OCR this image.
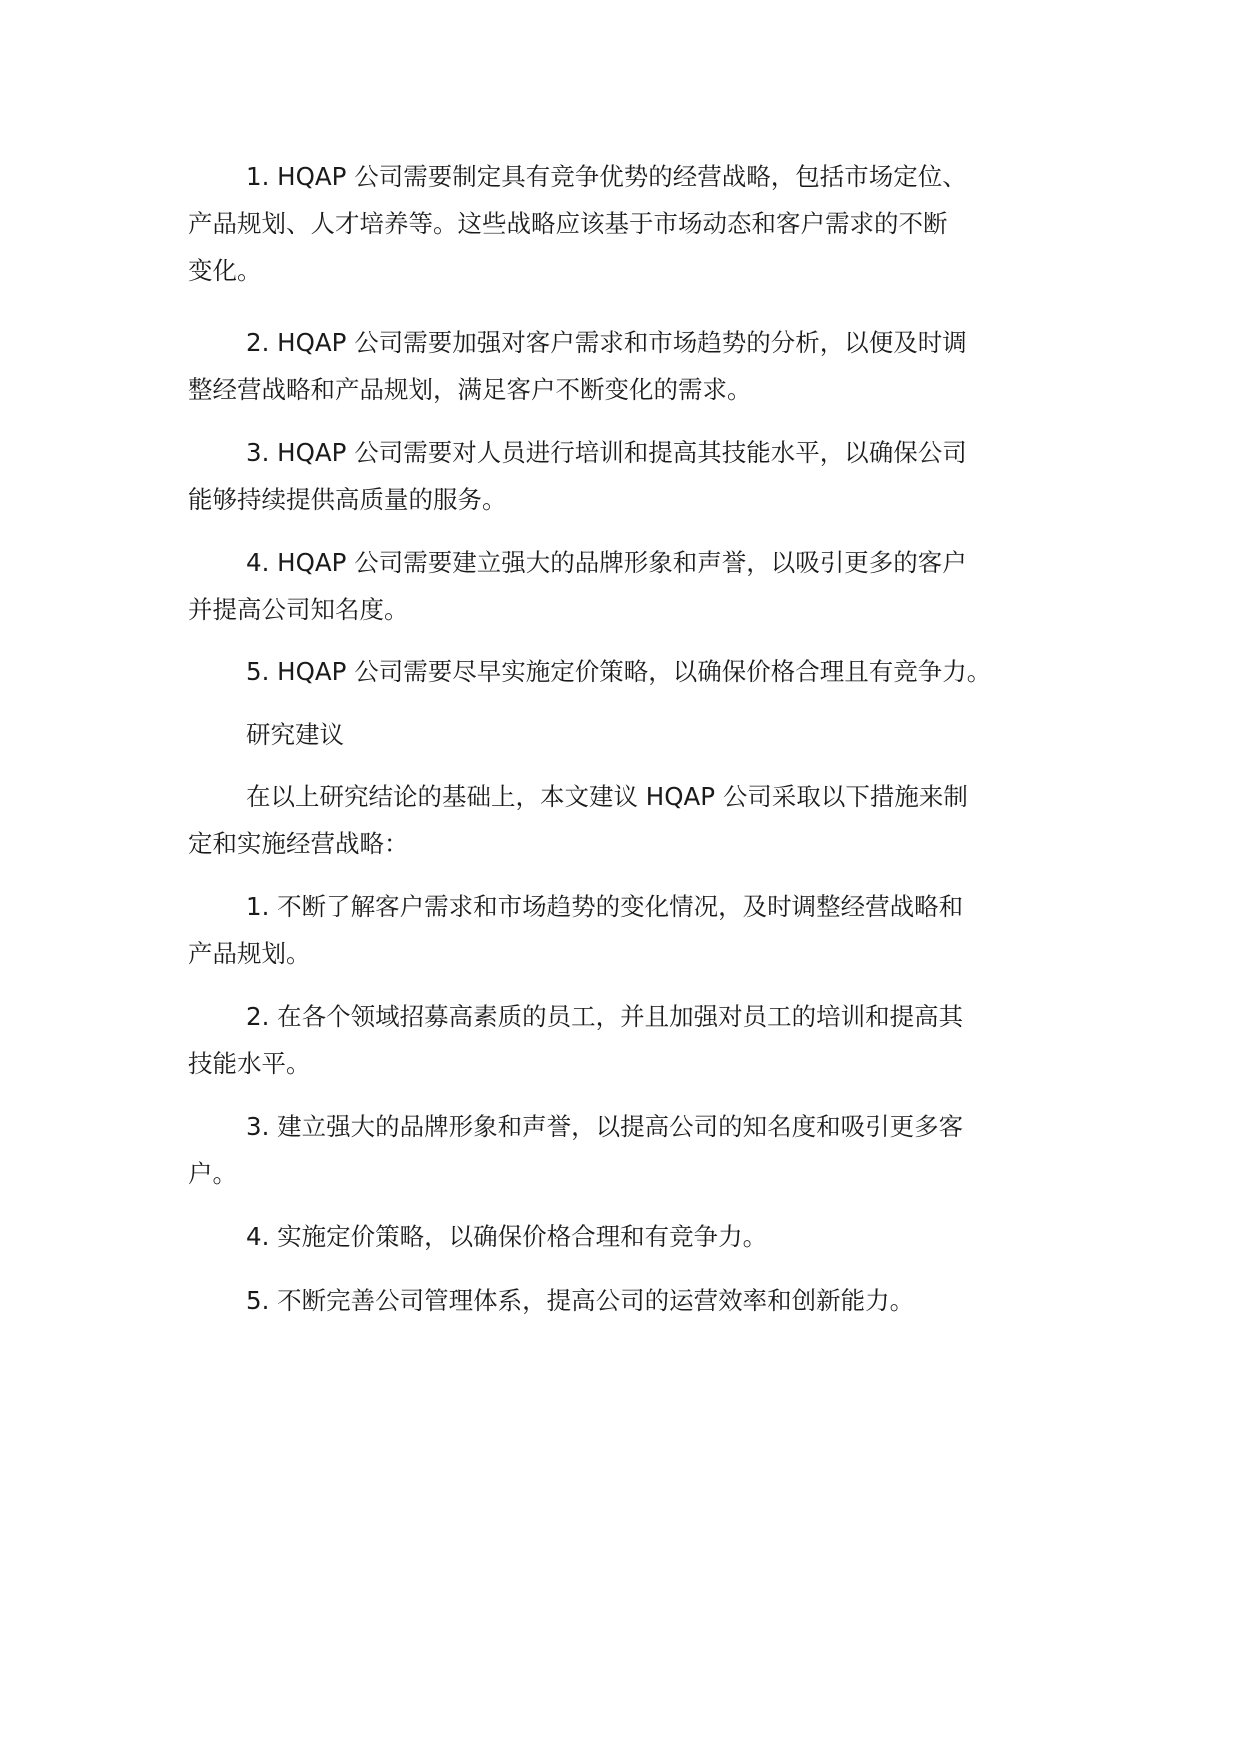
1. HQAP 公司需要制定具有竞争优势的经营战略，包括市场定位、
产品规划、人才培养等。这些战略应该基于市场动态和客户需求的不断
变化。

2. HQAP 公司需要加强对客户需求和市场趋势的分析，以便及时调
整经营战略和产品规划，满足客户不断变化的需求。

3. HQAP 公司需要对人员进行培训和提高其技能水平，以确保公司
能够持续提供高质量的服务。

4. HQAP 公司需要建立强大的品牌形象和声誉，以吸引更多的客户
并提高公司知名度。

5. HQAP 公司需要尽早实施定价策略，以确保价格合理且有竞争力。

研究建议

在以上研究结论的基础上，本文建议 HQAP 公司采取以下措施来制
定和实施经营战略：

1. 不断了解客户需求和市场趋势的变化情况，及时调整经营战略和
产品规划。

2. 在各个领域招募高素质的员工，并且加强对员工的培训和提高其
技能水平。

3. 建立强大的品牌形象和声誉，以提高公司的知名度和吸引更多客
户。

4. 实施定价策略，以确保价格合理和有竞争力。

5. 不断完善公司管理体系，提高公司的运营效率和创新能力。
